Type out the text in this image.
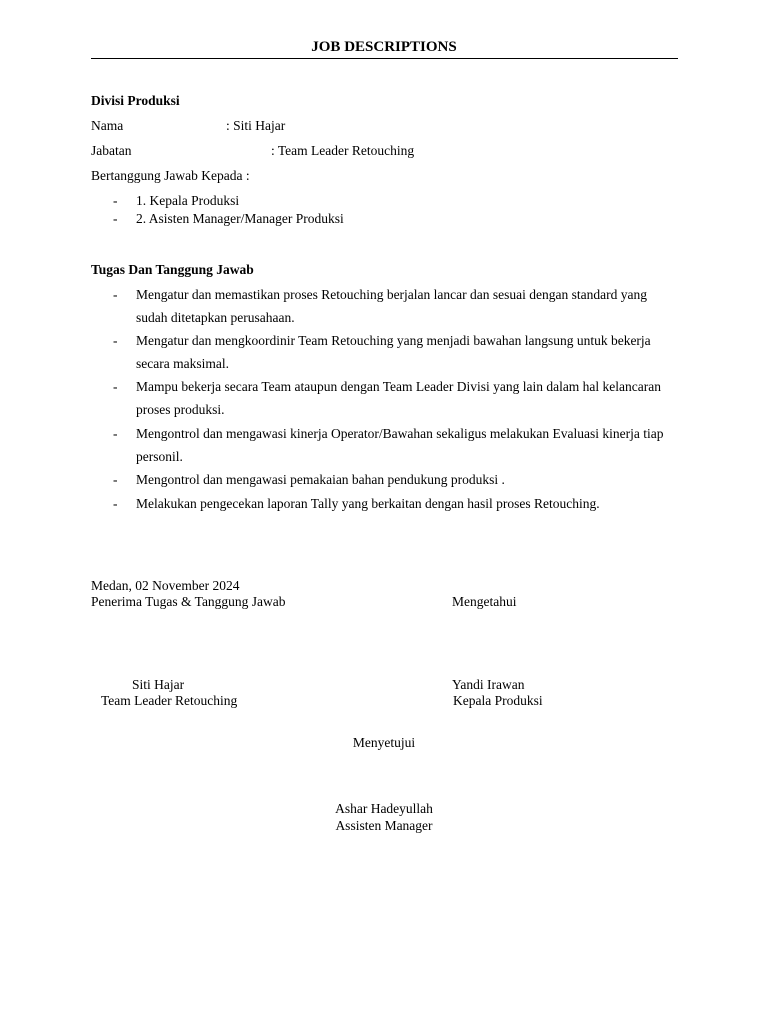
JOB DESCRIPTIONS
Divisi Produksi
Nama	: Siti Hajar
Jabatan	: Team Leader Retouching
Bertanggung Jawab Kepada :
- 1. Kepala Produksi
- 2. Asisten Manager/Manager Produksi
Tugas Dan Tanggung Jawab
- Mengatur dan memastikan proses Retouching berjalan lancar dan sesuai dengan standard yang sudah ditetapkan perusahaan.
- Mengatur dan mengkoordinir Team Retouching yang menjadi bawahan langsung untuk bekerja secara maksimal.
- Mampu bekerja secara Team ataupun dengan Team Leader Divisi yang lain dalam hal kelancaran proses produksi.
- Mengontrol dan mengawasi kinerja Operator/Bawahan sekaligus melakukan Evaluasi kinerja tiap personil.
- Mengontrol dan mengawasi pemakaian bahan pendukung produksi .
- Melakukan pengecekan laporan Tally yang berkaitan dengan hasil proses Retouching.
Medan, 02 November 2024
Penerima Tugas & Tanggung Jawab	Mengetahui
Siti Hajar
Team Leader Retouching
Yandi Irawan
Kepala Produksi
Menyetujui
Ashar Hadeyullah
Assisten Manager
